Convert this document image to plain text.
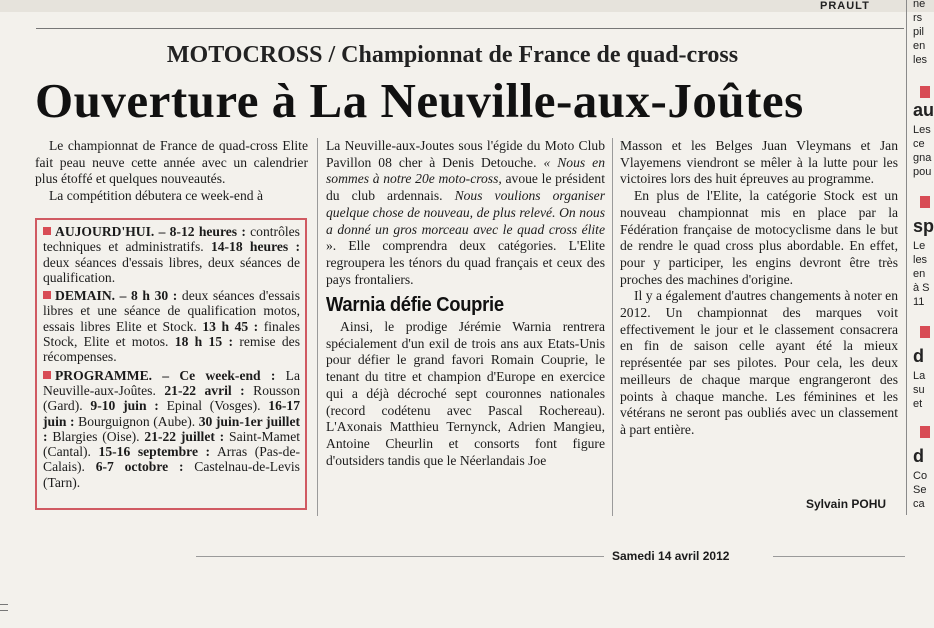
PRAULT
MOTOCROSS / Championnat de France de quad-cross
Ouverture à La Neuville-aux-Joûtes

Le championnat de France de quad-cross Elite fait peau neuve cette année avec un calendrier plus étoffé et quelques nouveautés.

La compétition débutera ce week-end à

AUJOURD'HUI. – 8-12 heures : contrôles techniques et administratifs. 14-18 heures : deux séances d'essais libres, deux séances de qualification.

DEMAIN. – 8 h 30 : deux séances d'essais libres et une séance de qualification motos, essais libres Elite et Stock. 13 h 45 : finales Stock, Elite et motos. 18 h 15 : remise des récompenses.

PROGRAMME. – Ce week-end : La Neuville-aux-Joûtes. 21-22 avril : Rousson (Gard). 9-10 juin : Epinal (Vosges). 16-17 juin : Bourguignon (Aube). 30 juin-1er juillet : Blargies (Oise). 21-22 juillet : Saint-Mamet (Cantal). 15-16 septembre : Arras (Pas-de-Calais). 6-7 octobre : Castelnau-de-Levis (Tarn).

La Neuville-aux-Joutes sous l'égide du Moto Club Pavillon 08 cher à Denis Detouche. « Nous en sommes à notre 20e moto-cross, avoue le président du club ardennais. Nous voulions organiser quelque chose de nouveau, de plus relevé. On nous a donné un gros morceau avec le quad cross élite ». Elle comprendra deux catégories. L'Elite regroupera les ténors du quad français et ceux des pays frontaliers.

Warnia défie Couprie

Ainsi, le prodige Jérémie Warnia rentrera spécialement d'un exil de trois ans aux Etats-Unis pour défier le grand favori Romain Couprie, le tenant du titre et champion d'Europe en exercice qui a déjà décroché sept couronnes nationales (record codétenu avec Pascal Rochereau). L'Axonais Matthieu Ternynck, Adrien Mangieu, Antoine Cheurlin et consorts font figure d'outsiders tandis que le Néerlandais Joe

Masson et les Belges Juan Vleymans et Jan Vlayemens viendront se mêler à la lutte pour les victoires lors des huit épreuves au programme.

En plus de l'Elite, la catégorie Stock est un nouveau championnat mis en place par la Fédération française de motocyclisme dans le but de rendre le quad cross plus abordable. En effet, pour y participer, les engins devront être très proches des machines d'origine.

Il y a également d'autres changements à noter en 2012. Un championnat des marques voit effectivement le jour et le classement consacrera en fin de saison celle ayant été la mieux représentée par ses pilotes. Pour cela, les deux meilleurs de chaque marque engrangeront des points à chaque manche. Les féminines et les vétérans ne seront pas oubliés avec un classement à part entière.

Sylvain POHU
ne
rs
pil
en
les
au
Les
ce
gna
pou
sp
Le
les
en
à S
11
d
La
su
et
d
Co
Se
ca
Samedi 14 avril 2012
